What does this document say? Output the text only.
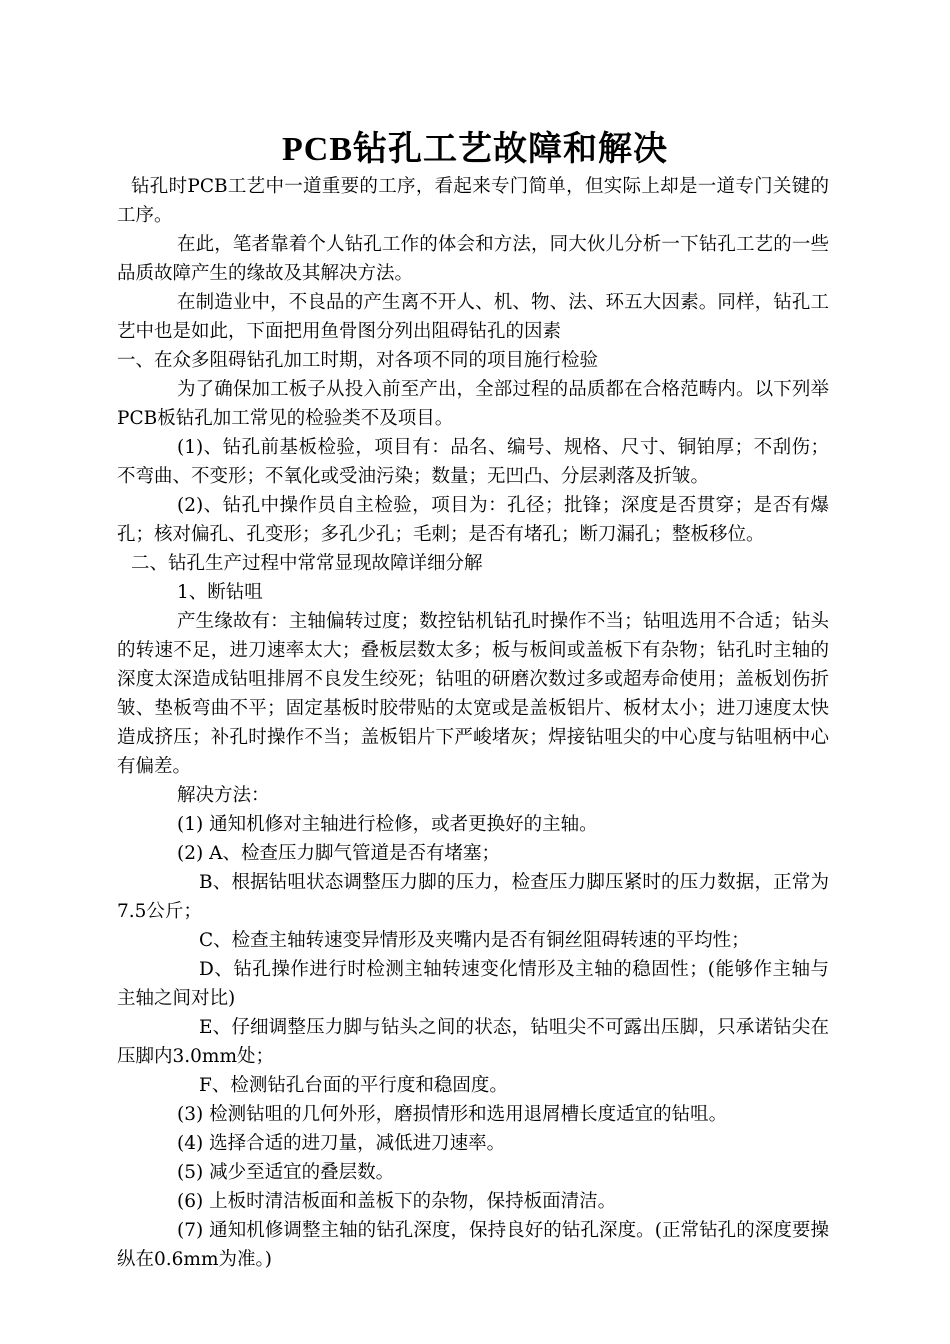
PCB钻孔工艺故障和解决

钻孔时PCB工艺中一道重要的工序，看起来专门简单，但实际上却是一道专门关键的工序。

在此，笔者靠着个人钻孔工作的体会和方法，同大伙儿分析一下钻孔工艺的一些品质故障产生的缘故及其解决方法。

在制造业中，不良品的产生离不开人、机、物、法、环五大因素。同样，钻孔工艺中也是如此，下面把用鱼骨图分列出阻碍钻孔的因素

一、在众多阻碍钻孔加工时期，对各项不同的项目施行检验

为了确保加工板子从投入前至产出，全部过程的品质都在合格范畴内。以下列举PCB板钻孔加工常见的检验类不及项目。

(1)、钻孔前基板检验，项目有：品名、编号、规格、尺寸、铜铂厚；不刮伤；不弯曲、不变形；不氧化或受油污染；数量；无凹凸、分层剥落及折皱。

(2)、钻孔中操作员自主检验，项目为：孔径；批锋；深度是否贯穿；是否有爆孔；核对偏孔、孔变形；多孔少孔；毛刺；是否有堵孔；断刀漏孔；整板移位。

二、钻孔生产过程中常常显现故障详细分解

1、断钻咀

产生缘故有：主轴偏转过度；数控钻机钻孔时操作不当；钻咀选用不合适；钻头的转速不足，进刀速率太大；叠板层数太多；板与板间或盖板下有杂物；钻孔时主轴的深度太深造成钻咀排屑不良发生绞死；钻咀的研磨次数过多或超寿命使用；盖板划伤折皱、垫板弯曲不平；固定基板时胶带贴的太宽或是盖板铝片、板材太小；进刀速度太快造成挤压；补孔时操作不当；盖板铝片下严峻堵灰；焊接钻咀尖的中心度与钻咀柄中心有偏差。

解决方法：

(1) 通知机修对主轴进行检修，或者更换好的主轴。

(2) A、检查压力脚气管道是否有堵塞；

B、根据钻咀状态调整压力脚的压力，检查压力脚压紧时的压力数据，正常为7.5公斤；

C、检查主轴转速变异情形及夹嘴内是否有铜丝阻碍转速的平均性；

D、钻孔操作进行时检测主轴转速变化情形及主轴的稳固性；(能够作主轴与主轴之间对比)

E、仔细调整压力脚与钻头之间的状态，钻咀尖不可露出压脚，只承诺钻尖在压脚内3.0mm处；

F、检测钻孔台面的平行度和稳固度。

(3) 检测钻咀的几何外形，磨损情形和选用退屑槽长度适宜的钻咀。

(4) 选择合适的进刀量，减低进刀速率。

(5) 减少至适宜的叠层数。

(6) 上板时清洁板面和盖板下的杂物，保持板面清洁。

(7) 通知机修调整主轴的钻孔深度，保持良好的钻孔深度。(正常钻孔的深度要操纵在0.6mm为准。)
